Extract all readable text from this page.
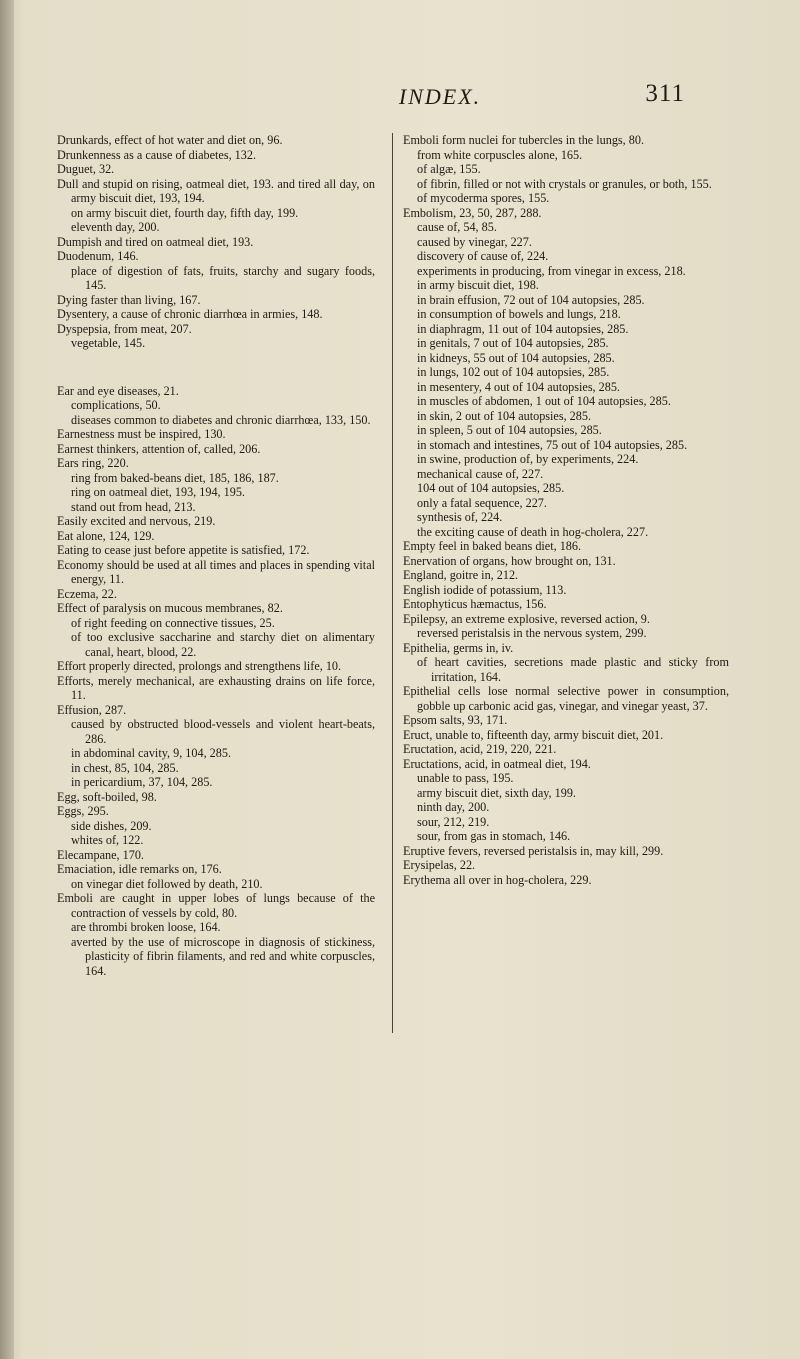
INDEX.	311

Drunkards, effect of hot water and diet on, 96.

Drunkenness as a cause of diabetes, 132.

Duguet, 32.

Dull and stupid on rising, oatmeal diet, 193. and tired all day, on army biscuit diet, 193, 194.

on army biscuit diet, fourth day, fifth day, 199.

eleventh day, 200.

Dumpish and tired on oatmeal diet, 193.

Duodenum, 146.

place of digestion of fats, fruits, starchy and sugary foods, 145.

Dying faster than living, 167.

Dysentery, a cause of chronic diarrhœa in armies, 148.

Dyspepsia, from meat, 207.

vegetable, 145.

Ear and eye diseases, 21.

complications, 50.

diseases common to diabetes and chronic diarrhœa, 133, 150.

Earnestness must be inspired, 130.

Earnest thinkers, attention of, called, 206.

Ears ring, 220.

ring from baked-beans diet, 185, 186, 187.

ring on oatmeal diet, 193, 194, 195.

stand out from head, 213.

Easily excited and nervous, 219.

Eat alone, 124, 129.

Eating to cease just before appetite is satisfied, 172.

Economy should be used at all times and places in spending vital energy, 11.

Eczema, 22.

Effect of paralysis on mucous membranes, 82.

of right feeding on connective tissues, 25.

of too exclusive saccharine and starchy diet on alimentary canal, heart, blood, 22.

Effort properly directed, prolongs and strengthens life, 10.

Efforts, merely mechanical, are exhausting drains on life force, 11.

Effusion, 287.

caused by obstructed blood-vessels and violent heart-beats, 286.

in abdominal cavity, 9, 104, 285.

in chest, 85, 104, 285.

in pericardium, 37, 104, 285.

Egg, soft-boiled, 98.

Eggs, 295.

side dishes, 209.

whites of, 122.

Elecampane, 170.

Emaciation, idle remarks on, 176.

on vinegar diet followed by death, 210.

Emboli are caught in upper lobes of lungs because of the contraction of vessels by cold, 80.

are thrombi broken loose, 164.

averted by the use of microscope in diagnosis of stickiness, plasticity of fibrin filaments, and red and white corpuscles, 164.

Emboli form nuclei for tubercles in the lungs, 80.

from white corpuscles alone, 165.

of algæ, 155.

of fibrin, filled or not with crystals or granules, or both, 155.

of mycoderma spores, 155.

Embolism, 23, 50, 287, 288.

cause of, 54, 85.

caused by vinegar, 227.

discovery of cause of, 224.

experiments in producing, from vinegar in excess, 218.

in army biscuit diet, 198.

in brain effusion, 72 out of 104 autopsies, 285.

in consumption of bowels and lungs, 218.

in diaphragm, 11 out of 104 autopsies, 285.

in genitals, 7 out of 104 autopsies, 285.

in kidneys, 55 out of 104 autopsies, 285.

in lungs, 102 out of 104 autopsies, 285.

in mesentery, 4 out of 104 autopsies, 285.

in muscles of abdomen, 1 out of 104 autopsies, 285.

in skin, 2 out of 104 autopsies, 285.

in spleen, 5 out of 104 autopsies, 285.

in stomach and intestines, 75 out of 104 autopsies, 285.

in swine, production of, by experiments, 224.

mechanical cause of, 227.

104 out of 104 autopsies, 285.

only a fatal sequence, 227.

synthesis of, 224.

the exciting cause of death in hog-cholera, 227.

Empty feel in baked beans diet, 186.

Enervation of organs, how brought on, 131.

England, goitre in, 212.

English iodide of potassium, 113.

Entophyticus hæmactus, 156.

Epilepsy, an extreme explosive, reversed action, 9.

reversed peristalsis in the nervous system, 299.

Epithelia, germs in, iv.

of heart cavities, secretions made plastic and sticky from irritation, 164.

Epithelial cells lose normal selective power in consumption, gobble up carbonic acid gas, vinegar, and vinegar yeast, 37.

Epsom salts, 93, 171.

Eruct, unable to, fifteenth day, army biscuit diet, 201.

Eructation, acid, 219, 220, 221.

Eructations, acid, in oatmeal diet, 194.

unable to pass, 195.

army biscuit diet, sixth day, 199.

ninth day, 200.

sour, 212, 219.

sour, from gas in stomach, 146.

Eruptive fevers, reversed peristalsis in, may kill, 299.

Erysipelas, 22.

Erythema all over in hog-cholera, 229.
